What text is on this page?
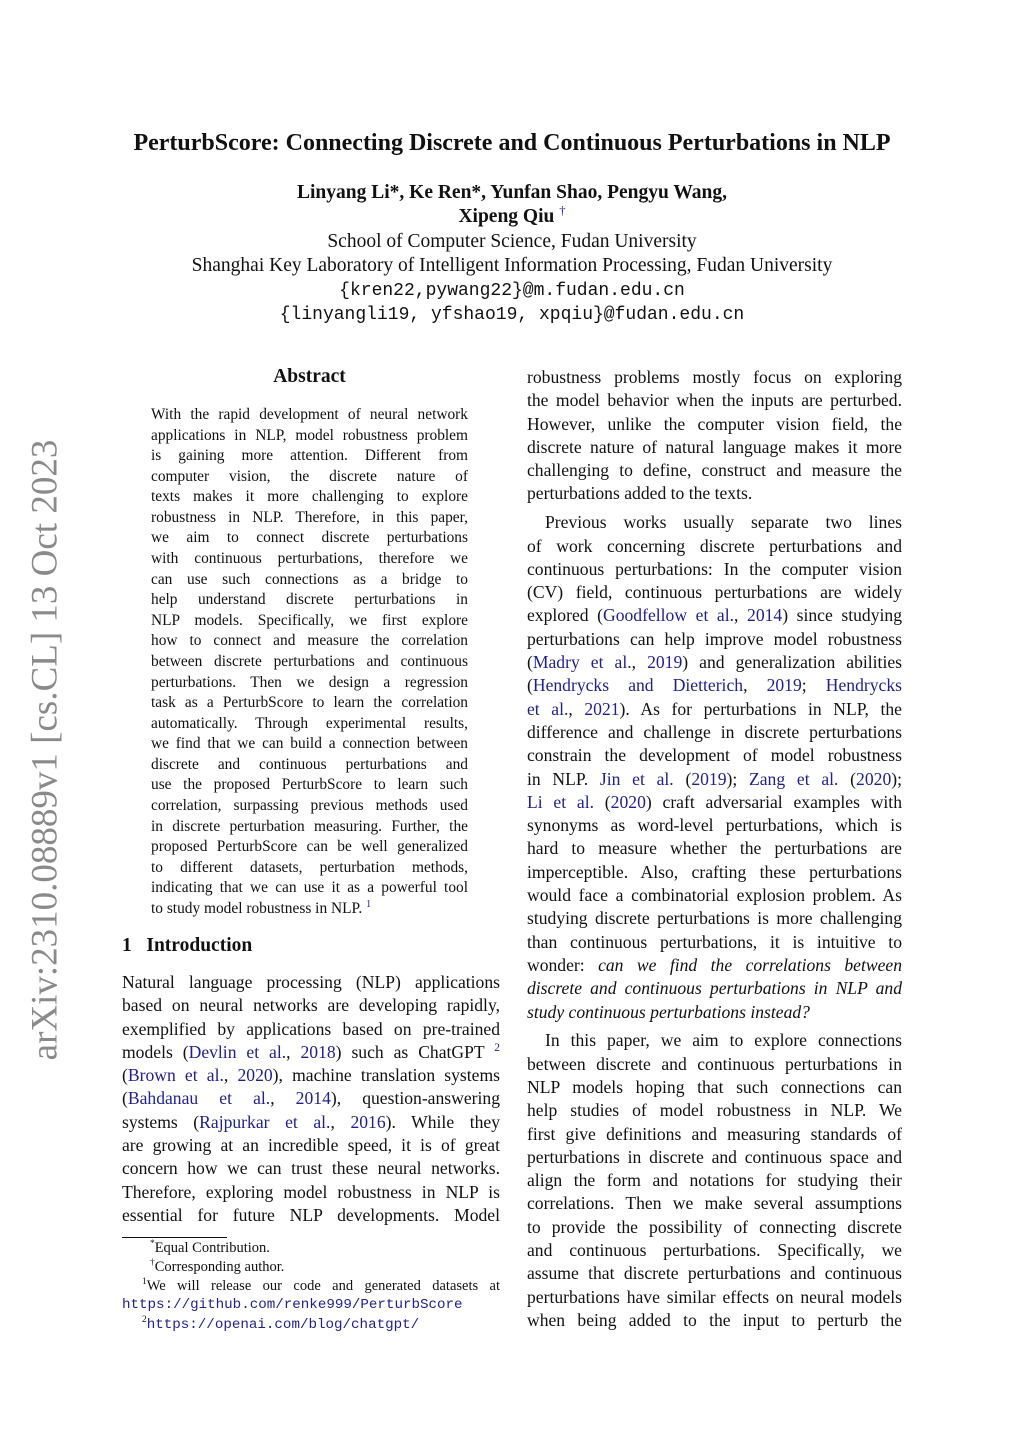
arXiv:2310.08889v1 [cs.CL] 13 Oct 2023
PerturbScore: Connecting Discrete and Continuous Perturbations in NLP
Linyang Li*, Ke Ren*, Yunfan Shao, Pengyu Wang,
Xipeng Qiu †
School of Computer Science, Fudan University
Shanghai Key Laboratory of Intelligent Information Processing, Fudan University
{kren22,pywang22}@m.fudan.edu.cn
{linyangli19, yfshao19, xpqiu}@fudan.edu.cn
Abstract
With the rapid development of neural network
applications in NLP, model robustness problem
is gaining more attention. Different from
computer vision, the discrete nature of
texts makes it more challenging to explore
robustness in NLP. Therefore, in this paper,
we aim to connect discrete perturbations
with continuous perturbations, therefore we
can use such connections as a bridge to
help understand discrete perturbations in
NLP models. Specifically, we first explore
how to connect and measure the correlation
between discrete perturbations and continuous
perturbations. Then we design a regression
task as a PerturbScore to learn the correlation
automatically. Through experimental results,
we find that we can build a connection between
discrete and continuous perturbations and
use the proposed PerturbScore to learn such
correlation, surpassing previous methods used
in discrete perturbation measuring. Further, the
proposed PerturbScore can be well generalized
to different datasets, perturbation methods,
indicating that we can use it as a powerful tool
to study model robustness in NLP. $^1$
1 Introduction
Natural language processing (NLP) applications
based on neural networks are developing rapidly,
exemplified by applications based on pre-trained
models (Devlin et al., 2018) such as ChatGPT $^2$
(Brown et al., 2020), machine translation systems
(Bahdanau et al., 2014), question-answering
systems (Rajpurkar et al., 2016). While they
are growing at an incredible speed, it is of great
concern how we can trust these neural networks.
Therefore, exploring model robustness in NLP is
essential for future NLP developments. Model
robustness problems mostly focus on exploring
the model behavior when the inputs are perturbed.
However, unlike the computer vision field, the
discrete nature of natural language makes it more
challenging to define, construct and measure the
perturbations added to the texts.
Previous works usually separate two lines
of work concerning discrete perturbations and
continuous perturbations: In the computer vision
(CV) field, continuous perturbations are widely
explored (Goodfellow et al., 2014) since studying
perturbations can help improve model robustness
(Madry et al., 2019) and generalization abilities
(Hendrycks and Dietterich, 2019; Hendrycks
et al., 2021). As for perturbations in NLP, the
difference and challenge in discrete perturbations
constrain the development of model robustness
in NLP. Jin et al. (2019); Zang et al. (2020);
Li et al. (2020) craft adversarial examples with
synonyms as word-level perturbations, which is
hard to measure whether the perturbations are
imperceptible. Also, crafting these perturbations
would face a combinatorial explosion problem. As
studying discrete perturbations is more challenging
than continuous perturbations, it is intuitive to
wonder: can we find the correlations between
discrete and continuous perturbations in NLP and
study continuous perturbations instead?
In this paper, we aim to explore connections
between discrete and continuous perturbations in
NLP models hoping that such connections can
help studies of model robustness in NLP. We
first give definitions and measuring standards of
perturbations in discrete and continuous space and
align the form and notations for studying their
correlations. Then we make several assumptions
to provide the possibility of connecting discrete
and continuous perturbations. Specifically, we
assume that discrete perturbations and continuous
perturbations have similar effects on neural models
when being added to the input to perturb the
*Equal Contribution.
†Corresponding author.
$^1$We will release our code and generated datasets at
https://github.com/renke999/PerturbScore
$^2$https://openai.com/blog/chatgpt/
